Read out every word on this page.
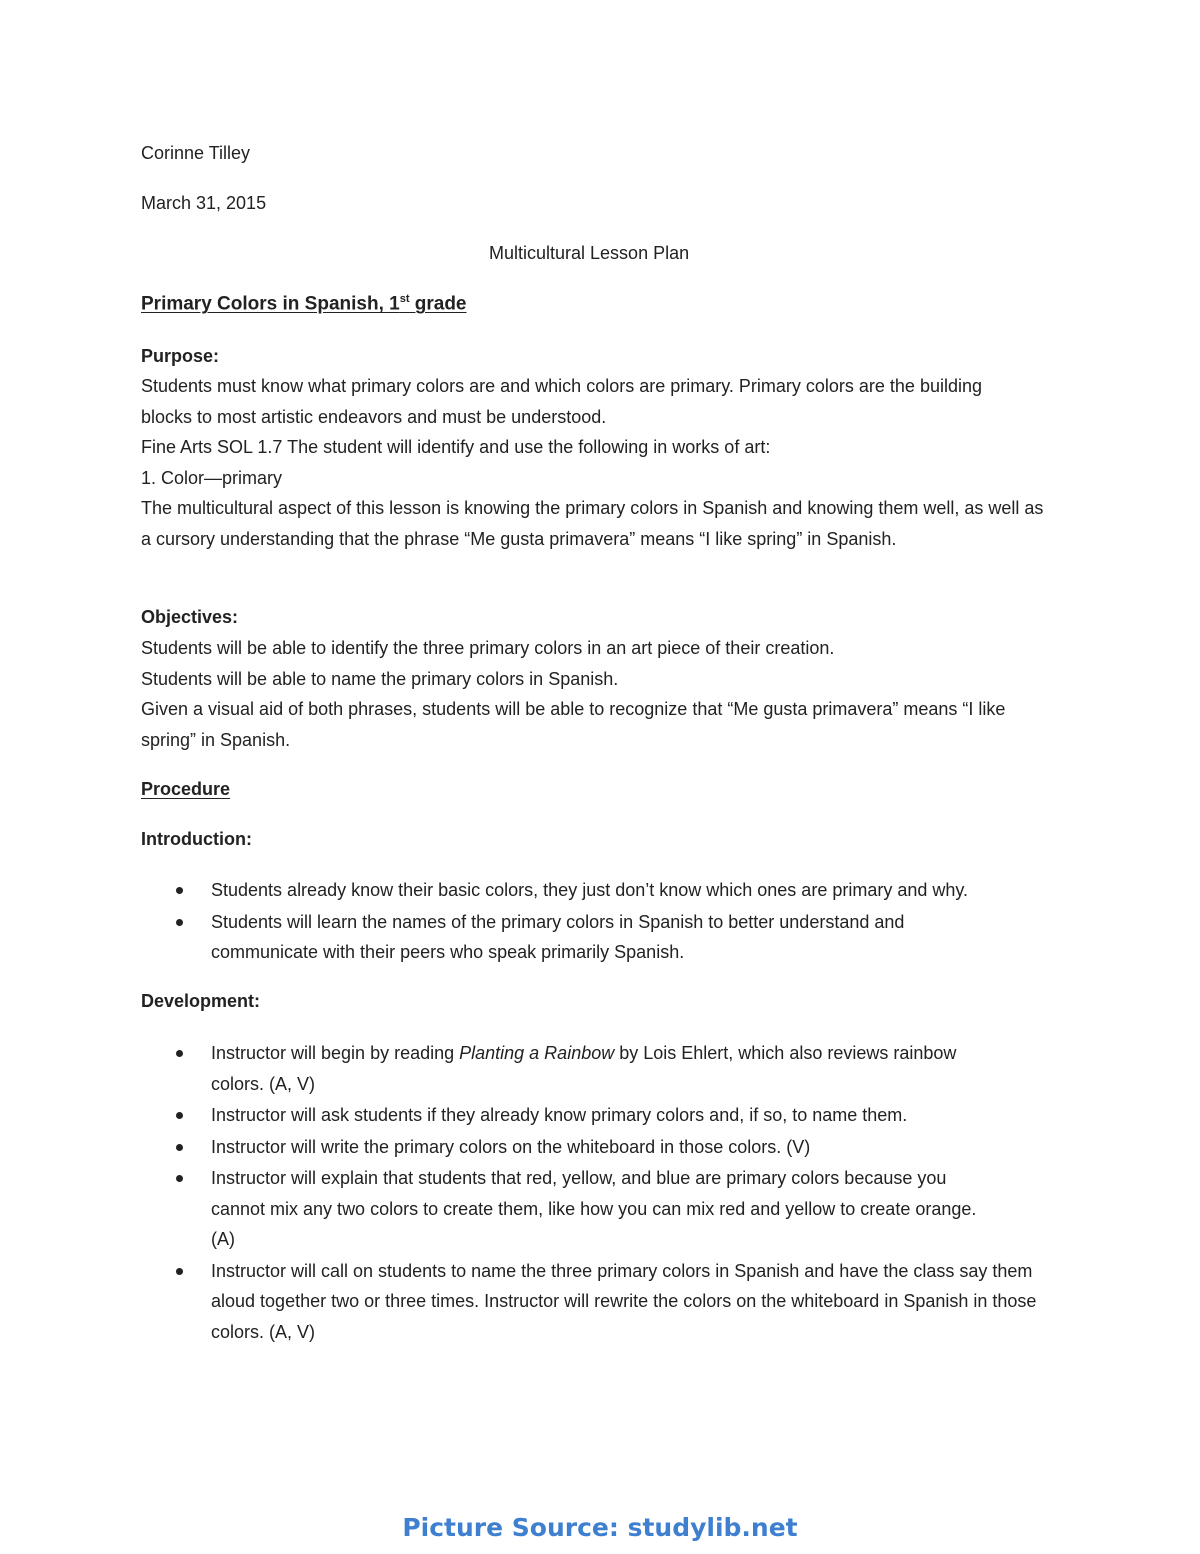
Corinne Tilley
March 31, 2015
Multicultural Lesson Plan
Primary Colors in Spanish, 1st grade
Purpose:
Students must know what primary colors are and which colors are primary. Primary colors are the building blocks to most artistic endeavors and must be understood.
Fine Arts SOL 1.7 The student will identify and use the following in works of art:
1. Color—primary
The multicultural aspect of this lesson is knowing the primary colors in Spanish and knowing them well, as well as a cursory understanding that the phrase “Me gusta primavera” means “I like spring” in Spanish.
Objectives:
Students will be able to identify the three primary colors in an art piece of their creation.
Students will be able to name the primary colors in Spanish.
Given a visual aid of both phrases, students will be able to recognize that “Me gusta primavera” means “I like spring” in Spanish.
Procedure
Introduction:
Students already know their basic colors, they just don’t know which ones are primary and why.
Students will learn the names of the primary colors in Spanish to better understand and communicate with their peers who speak primarily Spanish.
Development:
Instructor will begin by reading Planting a Rainbow by Lois Ehlert, which also reviews rainbow colors. (A, V)
Instructor will ask students if they already know primary colors and, if so, to name them.
Instructor will write the primary colors on the whiteboard in those colors. (V)
Instructor will explain that students that red, yellow, and blue are primary colors because you cannot mix any two colors to create them, like how you can mix red and yellow to create orange. (A)
Instructor will call on students to name the three primary colors in Spanish and have the class say them aloud together two or three times. Instructor will rewrite the colors on the whiteboard in Spanish in those colors. (A, V)
Picture Source: studylib.net
